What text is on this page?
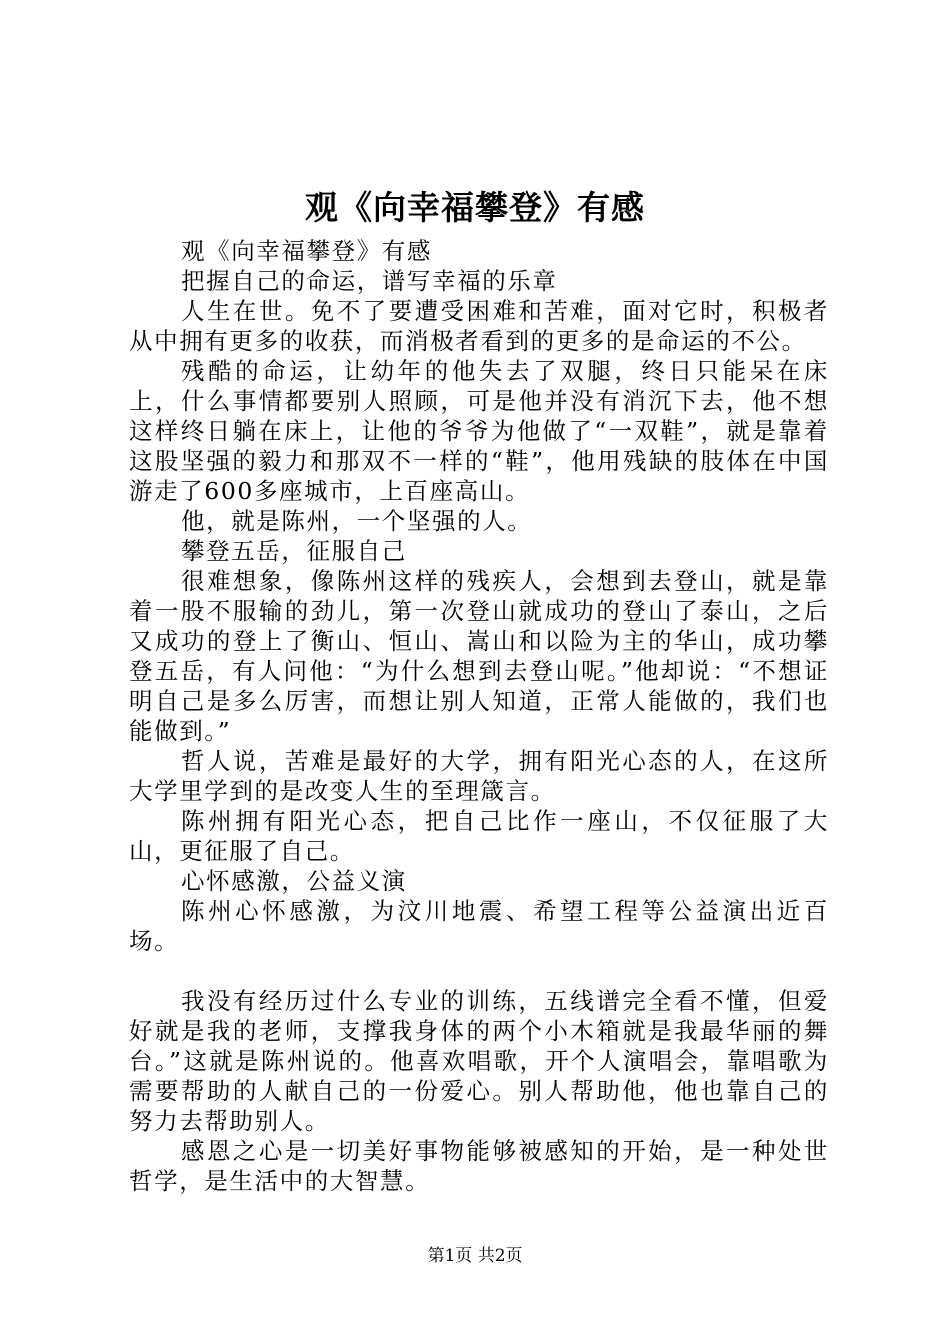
观《向幸福攀登》有感

观《向幸福攀登》有感

把握自己的命运，谱写幸福的乐章

人生在世。免不了要遭受困难和苦难，面对它时，积极者从中拥有更多的收获，而消极者看到的更多的是命运的不公。

残酷的命运，让幼年的他失去了双腿，终日只能呆在床上，什么事情都要别人照顾，可是他并没有消沉下去，他不想这样终日躺在床上，让他的爷爷为他做了“一双鞋”，就是靠着这股坚强的毅力和那双不一样的“鞋”，他用残缺的肢体在中国游走了600多座城市，上百座高山。

他，就是陈州，一个坚强的人。

攀登五岳，征服自己

很难想象，像陈州这样的残疾人，会想到去登山，就是靠着一股不服输的劲儿，第一次登山就成功的登山了泰山，之后又成功的登上了衡山、恒山、嵩山和以险为主的华山，成功攀登五岳，有人问他：“为什么想到去登山呢。”他却说：“不想证明自己是多么厉害，而想让别人知道，正常人能做的，我们也能做到。”

哲人说，苦难是最好的大学，拥有阳光心态的人，在这所大学里学到的是改变人生的至理箴言。

陈州拥有阳光心态，把自己比作一座山，不仅征服了大山，更征服了自己。

心怀感激，公益义演

陈州心怀感激，为汶川地震、希望工程等公益演出近百场。

我没有经历过什么专业的训练，五线谱完全看不懂，但爱好就是我的老师，支撑我身体的两个小木箱就是我最华丽的舞台。”这就是陈州说的。他喜欢唱歌，开个人演唱会，靠唱歌为需要帮助的人献自己的一份爱心。别人帮助他，他也靠自己的努力去帮助别人。

感恩之心是一切美好事物能够被感知的开始，是一种处世哲学，是生活中的大智慧。

第1页 共2页
